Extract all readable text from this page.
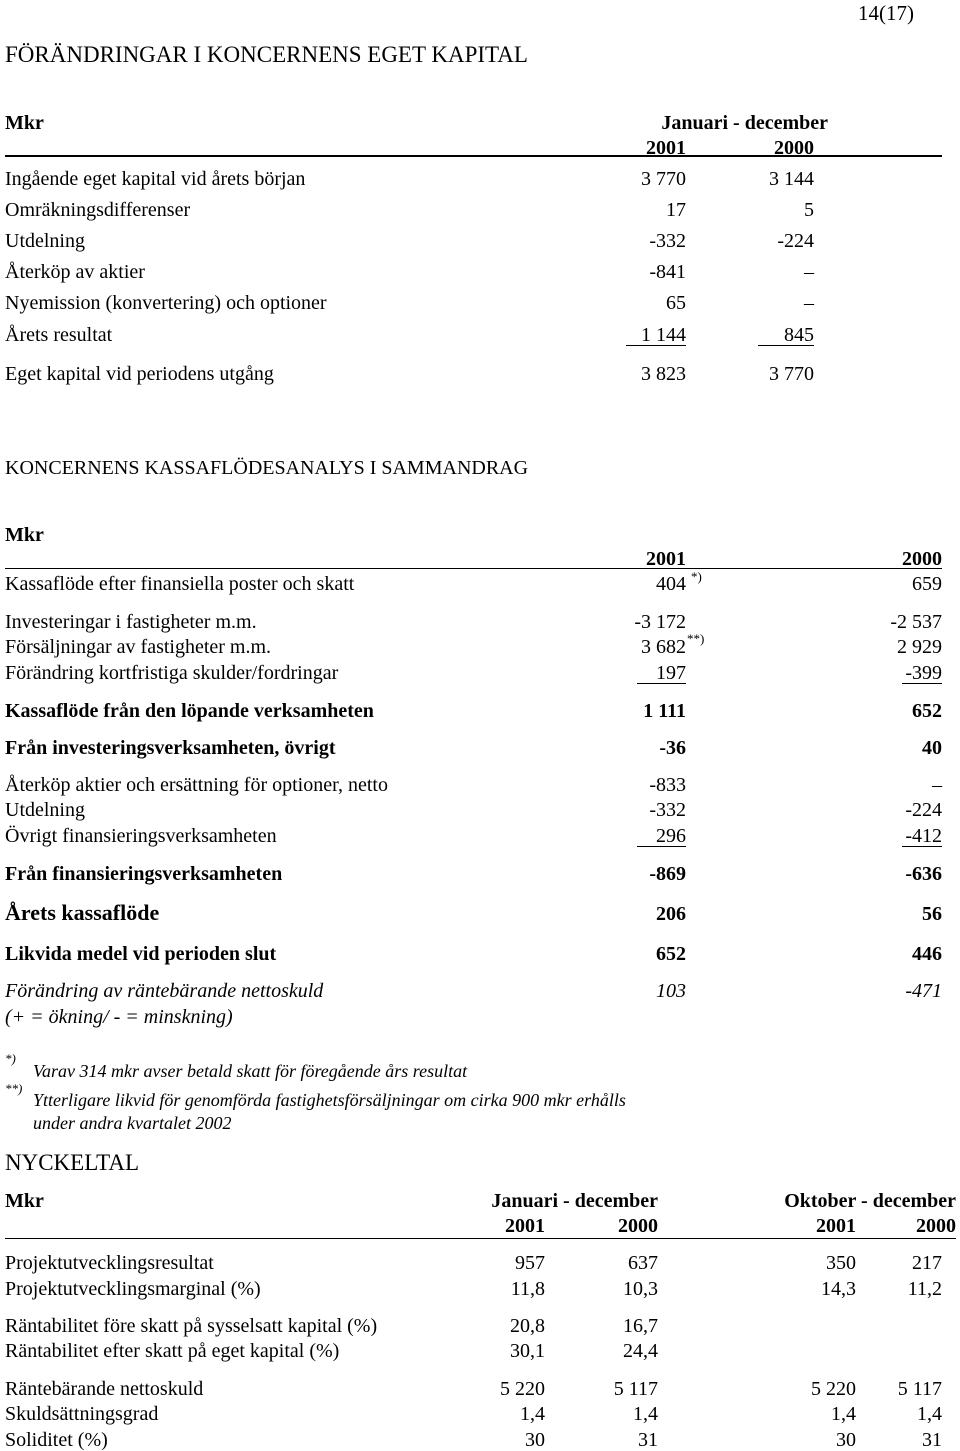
14(17)
FÖRÄNDRINGAR I KONCERNENS EGET KAPITAL
Mkr	Januari - december
2001	2000
Ingående eget kapital vid årets början	3 770	3 144
Omräkningsdifferenser	17	5
Utdelning	-332	-224
Återköp av aktier	-841	–
Nyemission (konvertering) och optioner	65	–
Årets resultat	1 144	845
Eget kapital vid periodens utgång	3 823	3 770
KONCERNENS KASSAFLÖDESANALYS I SAMMANDRAG
Mkr
2001	2000
Kassaflöde efter finansiella poster och skatt	404 *)	659
Investeringar i fastigheter m.m.	-3 172	-2 537
Försäljningar av fastigheter m.m.	3 682 **)	2 929
Förändring kortfristiga skulder/fordringar	197	-399
Kassaflöde från den löpande verksamheten	1 111	652
Från investeringsverksamheten, övrigt	-36	40
Återköp aktier och ersättning för optioner, netto	-833	–
Utdelning	-332	-224
Övrigt finansieringsverksamheten	296	-412
Från finansieringsverksamheten	-869	-636
Årets kassaflöde	206	56
Likvida medel vid perioden slut	652	446
Förändring av räntebärande nettoskuld	103	-471
(+ = ökning/ - = minskning)
*)
Varav 314 mkr avser betald skatt för föregående års resultat
**)
Ytterligare likvid för genomförda fastighetsförsäljningar om cirka 900 mkr erhålls
under andra kvartalet 2002
NYCKELTAL
Mkr	Januari - december	Oktober - december
2001	2000	2001	2000
Projektutvecklingsresultat	957	637	350	217
Projektutvecklingsmarginal (%)	11,8	10,3	14,3	11,2
Räntabilitet före skatt på sysselsatt kapital (%)	20,8	16,7
Räntabilitet efter skatt på eget kapital (%)	30,1	24,4
Räntebärande nettoskuld	5 220	5 117	5 220	5 117
Skuldsättningsgrad	1,4	1,4	1,4	1,4
Soliditet (%)	30	31	30	31
